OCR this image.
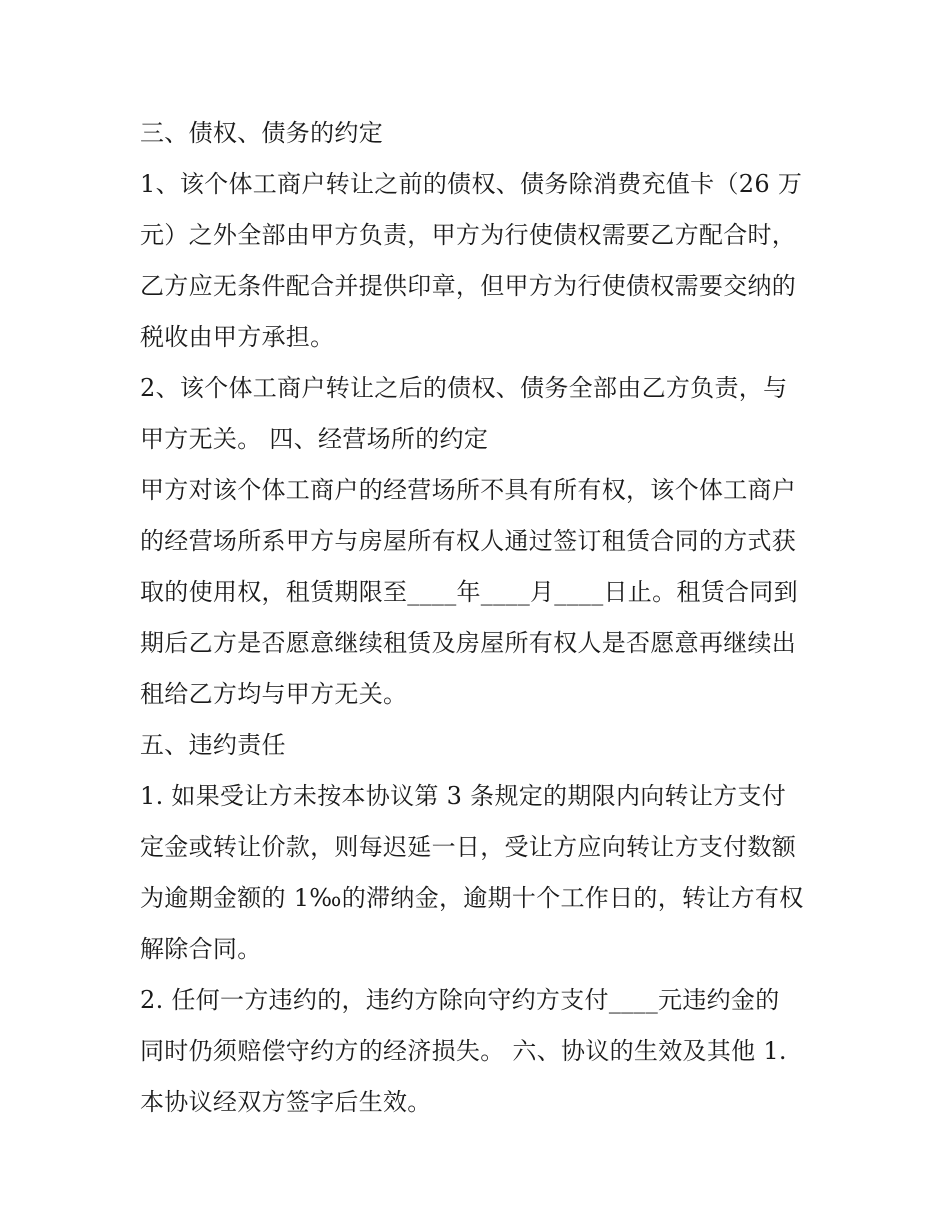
三、债权、债务的约定
1、该个体工商户转让之前的债权、债务除消费充值卡（26 万
元）之外全部由甲方负责，甲方为行使债权需要乙方配合时，
乙方应无条件配合并提供印章，但甲方为行使债权需要交纳的
税收由甲方承担。
2、该个体工商户转让之后的债权、债务全部由乙方负责，与
甲方无关。 四、经营场所的约定
甲方对该个体工商户的经营场所不具有所有权，该个体工商户
的经营场所系甲方与房屋所有权人通过签订租赁合同的方式获
取的使用权，租赁期限至____年____月____日止。租赁合同到
期后乙方是否愿意继续租赁及房屋所有权人是否愿意再继续出
租给乙方均与甲方无关。
五、违约责任
1. 如果受让方未按本协议第 3 条规定的期限内向转让方支付
定金或转让价款，则每迟延一日，受让方应向转让方支付数额
为逾期金额的 1‰的滞纳金，逾期十个工作日的，转让方有权
解除合同。
2. 任何一方违约的，违约方除向守约方支付____元违约金的
同时仍须赔偿守约方的经济损失。 六、协议的生效及其他 1.
本协议经双方签字后生效。
